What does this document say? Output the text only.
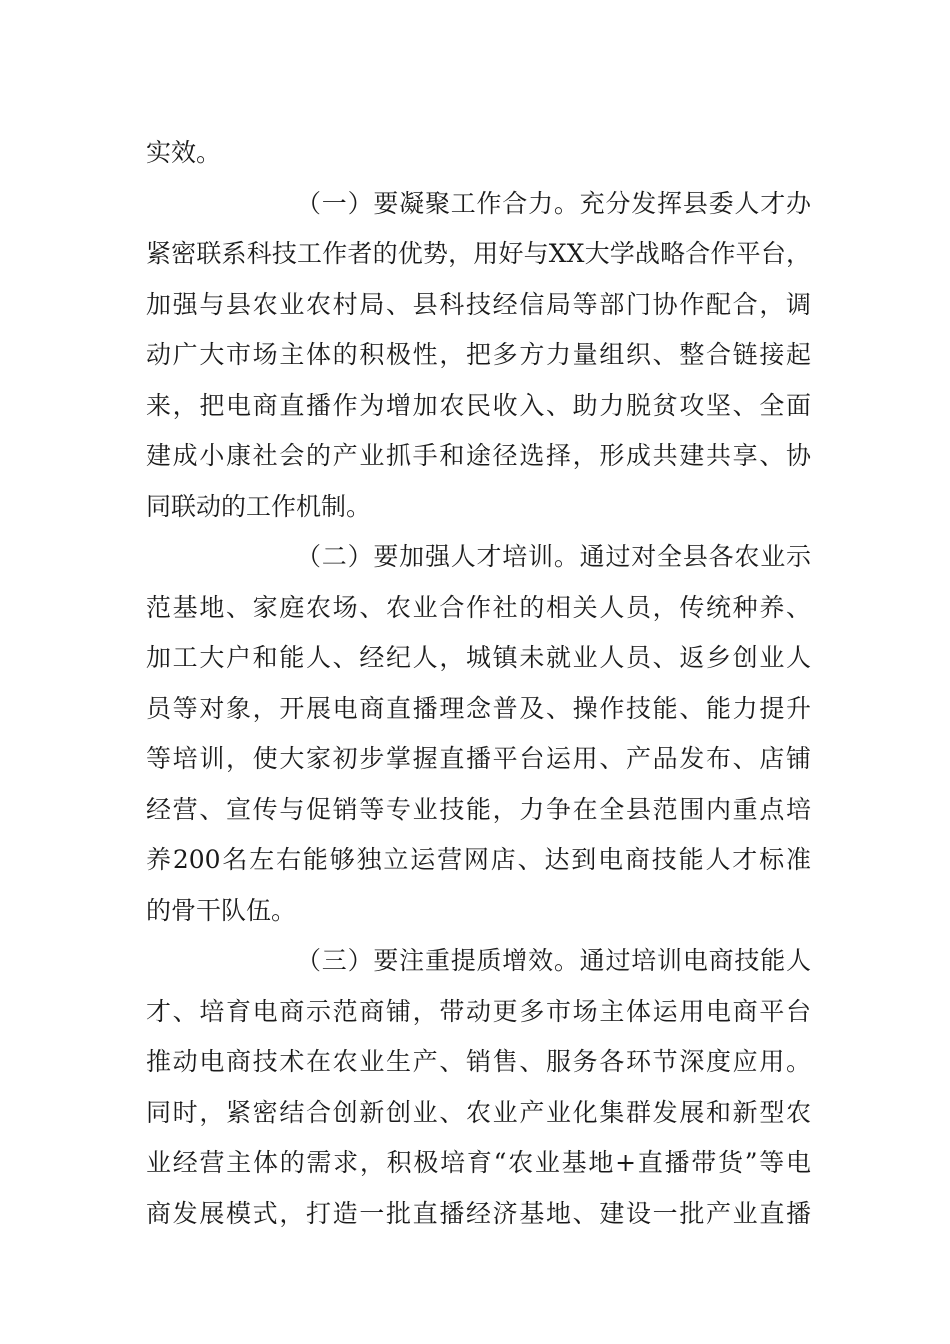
实效。
（一）要凝聚工作合力。充分发挥县委人才办
紧密联系科技工作者的优势，用好与XX大学战略合作平台，
加强与县农业农村局、县科技经信局等部门协作配合，调
动广大市场主体的积极性，把多方力量组织、整合链接起
来，把电商直播作为增加农民收入、助力脱贫攻坚、全面
建成小康社会的产业抓手和途径选择，形成共建共享、协
同联动的工作机制。
（二）要加强人才培训。通过对全县各农业示
范基地、家庭农场、农业合作社的相关人员，传统种养、
加工大户和能人、经纪人，城镇未就业人员、返乡创业人
员等对象，开展电商直播理念普及、操作技能、能力提升
等培训，使大家初步掌握直播平台运用、产品发布、店铺
经营、宣传与促销等专业技能，力争在全县范围内重点培
养200名左右能够独立运营网店、达到电商技能人才标准
的骨干队伍。
（三）要注重提质增效。通过培训电商技能人
才、培育电商示范商铺，带动更多市场主体运用电商平台
推动电商技术在农业生产、销售、服务各环节深度应用。
同时，紧密结合创新创业、农业产业化集群发展和新型农
业经营主体的需求，积极培育“农业基地+直播带货”等电
商发展模式，打造一批直播经济基地、建设一批产业直播
